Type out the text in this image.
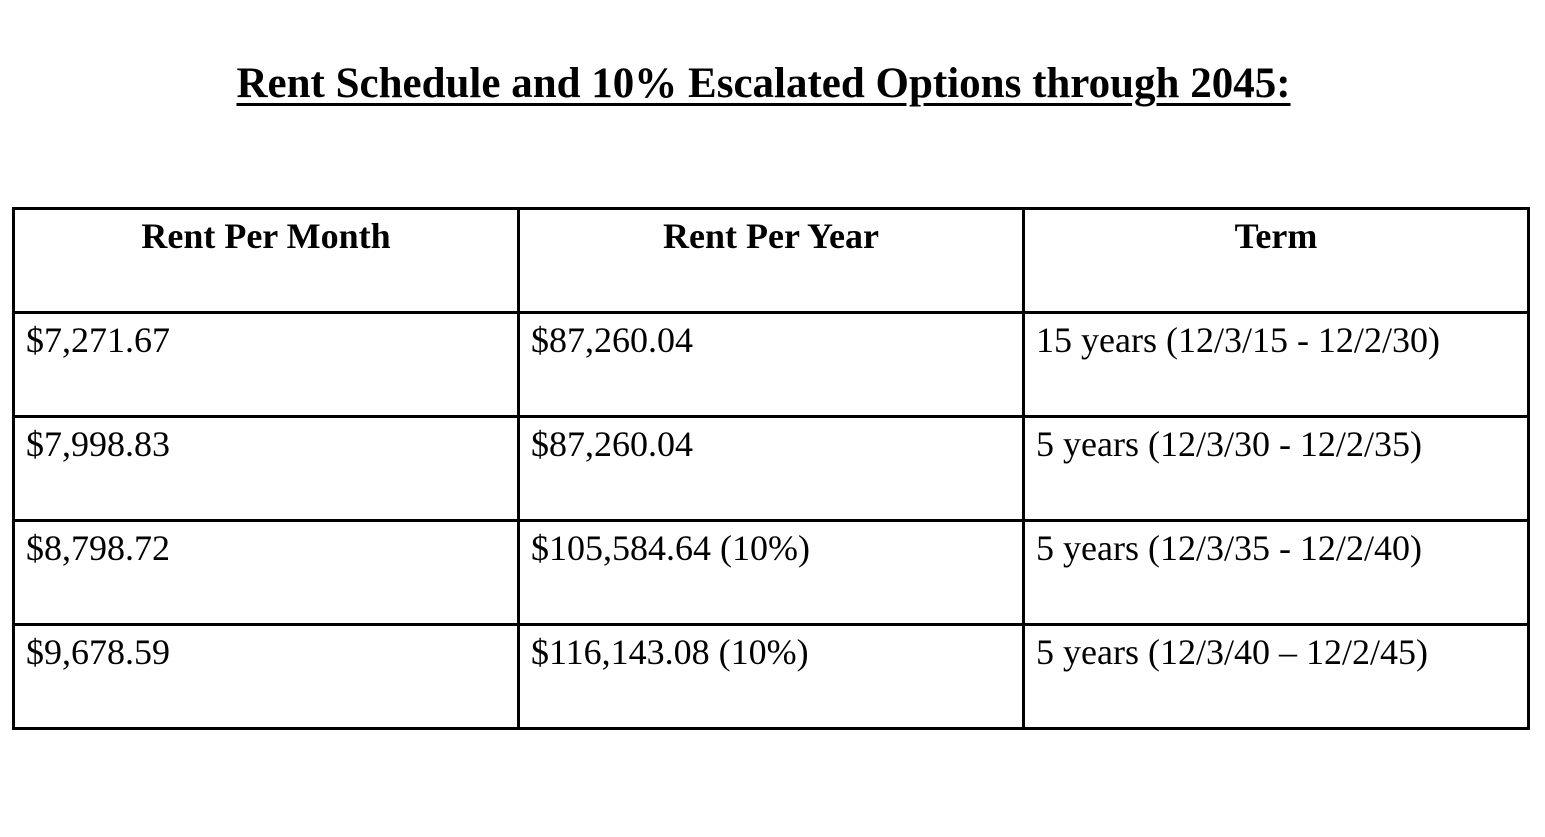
Rent Schedule and 10% Escalated Options through 2045:
Rent Per Month	Rent Per Year	Term
$7,271.67	$87,260.04	15 years (12/3/15 - 12/2/30)
$7,998.83	$87,260.04	5 years (12/3/30 - 12/2/35)
$8,798.72	$105,584.64 (10%)	5 years (12/3/35 - 12/2/40)
$9,678.59	$116,143.08 (10%)	5 years (12/3/40 – 12/2/45)
